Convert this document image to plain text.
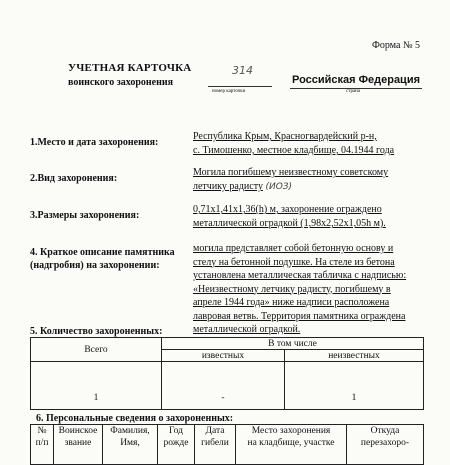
Форма № 5
УЧЕТНАЯ КАРТОЧКА
воинского захоронения
314
номер карточки
Российская Федерация
страна
1.Место и дата захоронения:
Республика Крым, Красногвардейский р-н,
с. Тимошенко, местное кладбище, 04.1944 года
2.Вид захоронения:
Могила погибшему неизвестному советскому
летчику радисту (ИОЗ)
3.Размеры захоронения:
0,71х1,41х1,36(h) м, захоронение ограждено
металлической оградкой (1,98х2,52х1,05h м).
4. Краткое описание памятника
(надгробия) на захоронении:
могила представляет собой бетонную основу и
стелу на бетонной подушке. На стеле из бетона
установлена металлическая табличка с надписью:
«Неизвестному летчику радисту, погибшему в
апреле 1944 года» ниже надписи расположена
лавровая ветвь. Территория памятника ограждена
металлической оградкой.
5. Количество захороненных:
Всего	В том числе	
	известных	неизвестных
1	-	1
6. Персональные сведения о захороненных:
№
п/п

Воинское
звание

Фамилия,
Имя,

Год
рожде

Дата
гибели

Место захоронения
на кладбище, участке

Откуда
перезахоро-
